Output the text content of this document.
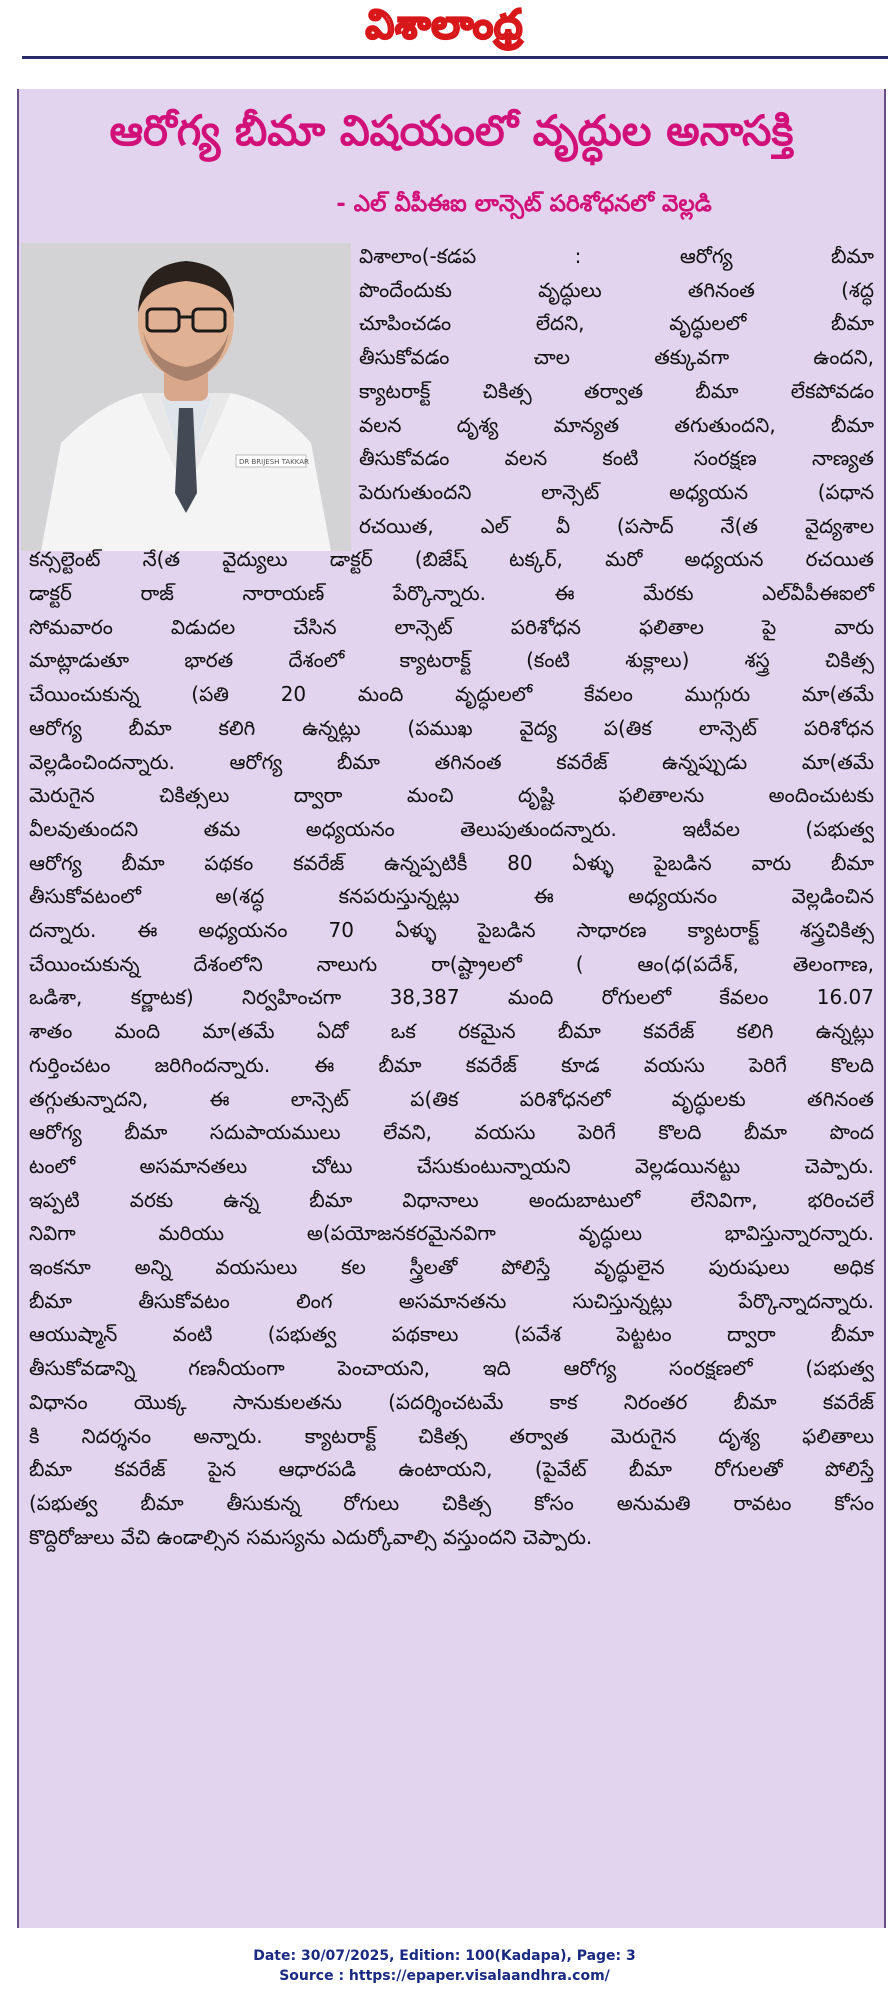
విశాలాంధ్ర
ఆరోగ్య బీమా విషయంలో వృద్ధుల అనాసక్తి
- ఎల్ వీపీఈఐ లాన్సెట్ పరిశోధనలో వెల్లడి
DR BRIJESH TAKKAR
విశాలాం(-కడప : ఆరోగ్య బీమా
పొందేందుకు వృద్ధులు తగినంత (శద్ధ
చూపించడం లేదని, వృద్ధులలో బీమా
తీసుకోవడం చాల తక్కువగా ఉందని,
క్యాటరాక్ట్ చికిత్స తర్వాత బీమా లేకపోవడం
వలన దృశ్య మాన్యత తగుతుందని, బీమా
తీసుకోవడం వలన కంటి సంరక్షణ నాణ్యత
పెరుగుతుందని లాన్సెట్ అధ్యయన (పధాన
రచయిత, ఎల్ వీ (పసాద్ నే(త వైద్యశాల
కన్సల్టెంట్ నే(త వైద్యులు డాక్టర్ (బిజేష్ టక్కర్, మరో అధ్యయన రచయిత
డాక్టర్ రాజ్ నారాయణ్ పేర్కొన్నారు. ఈ మేరకు ఎల్‌వీపీఈఐలో
సోమవారం విడుదల చేసిన లాన్సెట్ పరిశోధన ఫలితాల పై వారు
మాట్లాడుతూ భారత దేశంలో క్యాటరాక్ట్ (కంటి శుక్లాలు) శస్త్ర చికిత్స
చేయించుకున్న (పతి 20 మంది వృద్ధులలో కేవలం ముగ్గురు మా(తమే
ఆరోగ్య బీమా కలిగి ఉన్నట్లు (పముఖ వైద్య ప(తిక లాన్సెట్ పరిశోధన
వెల్లడించిందన్నారు. ఆరోగ్య బీమా తగినంత కవరేజ్ ఉన్నప్పుడు మా(తమే
మెరుగైన చికిత్సలు ద్వారా మంచి దృష్టి ఫలితాలను అందించుటకు
వీలవుతుందని తమ అధ్యయనం తెలుపుతుందన్నారు. ఇటీవల (పభుత్వ
ఆరోగ్య బీమా పథకం కవరేజ్ ఉన్నప్పటికీ 80 ఏళ్ళు పైబడిన వారు బీమా
తీసుకోవటంలో అ(శద్ధ కనపరుస్తున్నట్లు ఈ అధ్యయనం వెల్లడించిన
దన్నారు. ఈ అధ్యయనం 70 ఏళ్ళు పైబడిన సాధారణ క్యాటరాక్ట్ శస్త్రచికిత్స
చేయించుకున్న దేశంలోని నాలుగు రా(ష్ట్రాలలో ( ఆం(ధ(పదేశ్, తెలంగాణ,
ఒడిశా, కర్ణాటక) నిర్వహించగా 38,387 మంది రోగులలో కేవలం 16.07
శాతం మంది మా(తమే ఏదో ఒక రకమైన బీమా కవరేజ్ కలిగి ఉన్నట్లు
గుర్తించటం జరిగిందన్నారు. ఈ బీమా కవరేజ్ కూడ వయసు పెరిగే కొలది
తగ్గుతున్నాదని, ఈ లాన్సెట్ ప(తిక పరిశోధనలో వృద్ధులకు తగినంత
ఆరోగ్య బీమా సదుపాయములు లేవని, వయసు పెరిగే కొలది బీమా పొంద
టంలో అసమానతలు చోటు చేసుకుంటున్నాయని వెల్లడయినట్టు చెప్పారు.
ఇప్పటి వరకు ఉన్న బీమా విధానాలు అందుబాటులో లేనివిగా, భరించలే
నివిగా మరియు అ(పయోజనకరమైనవిగా వృద్ధులు భావిస్తున్నారన్నారు.
ఇంకనూ అన్ని వయసులు కల స్త్రీలతో పోలిస్తే వృద్ధులైన పురుషులు అధిక
బీమా తీసుకోవటం లింగ అసమానతను సుచిస్తున్నట్లు పేర్కొన్నాదన్నారు.
ఆయుష్మాన్ వంటి (పభుత్వ పథకాలు (పవేశ పెట్టటం ద్వారా బీమా
తీసుకోవడాన్ని గణనీయంగా పెంచాయని, ఇది ఆరోగ్య సంరక్షణలో (పభుత్వ
విధానం యొక్క సానుకులతను (పదర్శించటమే కాక నిరంతర బీమా కవరేజ్
కి నిదర్శనం అన్నారు. క్యాటరాక్ట్ చికిత్స తర్వాత మెరుగైన దృశ్య ఫలితాలు
బీమా కవరేజ్ పైన ఆధారపడి ఉంటాయని, (పైవేట్ బీమా రోగులతో పోలిస్తే
(పభుత్వ బీమా తీసుకున్న రోగులు చికిత్స కోసం అనుమతి రావటం కోసం
కొద్దిరోజులు వేచి ఉండాల్సిన సమస్యను ఎదుర్కోవాల్సి వస్తుందని చెప్పారు.
Date: 30/07/2025, Edition: 100(Kadapa), Page: 3
Source : https://epaper.visalaandhra.com/
